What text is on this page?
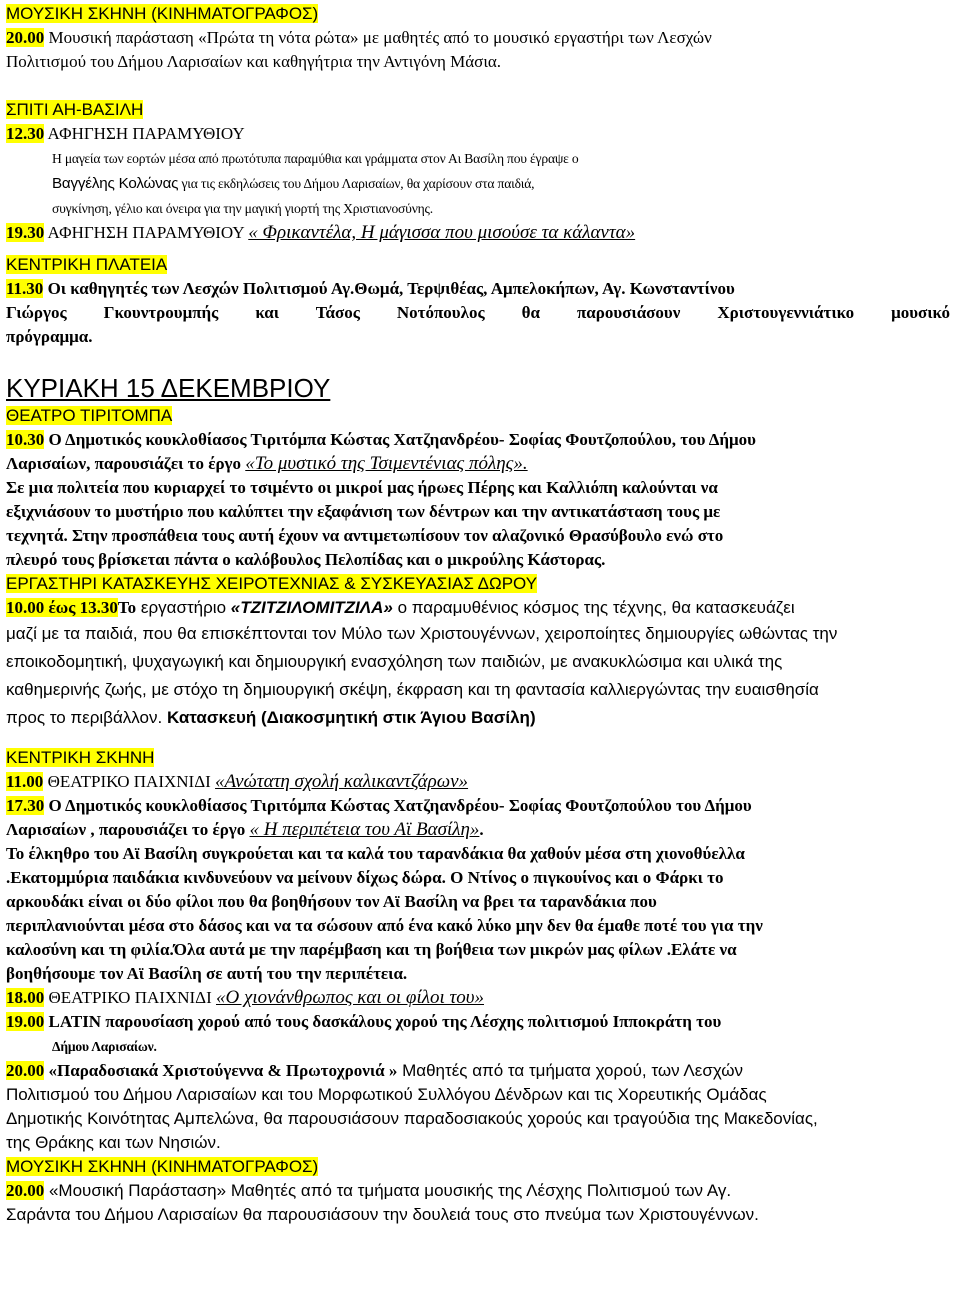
ΜΟΥΣΙΚΗ ΣΚΗΝΗ (ΚΙΝΗΜΑΤΟΓΡΑΦΟΣ)
20.00 Μουσική παράσταση «Πρώτα τη νότα ρώτα» με μαθητές από το μουσικό εργαστήρι των Λεσχών
Πολιτισμού του Δήμου Λαρισαίων και καθηγήτρια την Αντιγόνη Μάσια.
ΣΠΙΤΙ ΑΗ-ΒΑΣΙΛΗ
12.30 ΑΦΗΓΗΣΗ ΠΑΡΑΜΥΘΙΟΥ
Η μαγεία των εορτών μέσα από πρωτότυπα παραμύθια και γράμματα στον Αι Βασίλη που έγραψε ο
Βαγγέλης Κολώνας για τις εκδηλώσεις του Δήμου Λαρισαίων, θα χαρίσουν στα παιδιά,
συγκίνηση, γέλιο και όνειρα για την μαγική γιορτή της Χριστιανοσύνης.
19.30 ΑΦΗΓΗΣΗ ΠΑΡΑΜΥΘΙΟΥ « Φρικαντέλα, Η μάγισσα που μισούσε τα κάλαντα»
ΚΕΝΤΡΙΚΗ ΠΛΑΤΕΙΑ
11.30 Οι καθηγητές των Λεσχών Πολιτισμού Αγ.Θωμά, Τερψιθέας, Αμπελοκήπων, Αγ. Κωνσταντίνου
Γιώργος Γκουντρουμπής και Τάσος Νοτόπουλος θα παρουσιάσουν Χριστουγεννιάτικο μουσικό
πρόγραμμα.
ΚΥΡΙΑΚΗ 15 ΔΕΚΕΜΒΡΙΟΥ
ΘΕΑΤΡΟ ΤΙΡΙΤΟΜΠΑ
10.30 Ο Δημοτικός κουκλοθίασος Τιριτόμπα Κώστας Χατζηανδρέου- Σοφίας Φουτζοπούλου, του Δήμου
Λαρισαίων, παρουσιάζει το έργο «Το μυστικό της Τσιμεντένιας πόλης».
Σε μια πολιτεία που κυριαρχεί το τσιμέντο οι μικροί μας ήρωες Πέρης και Καλλιόπη καλούνται να
εξιχνιάσουν το μυστήριο που καλύπτει την εξαφάνιση των δέντρων και την αντικατάσταση τους με
τεχνητά. Στην προσπάθεια τους αυτή έχουν να αντιμετωπίσουν τον αλαζονικό Θρασύβουλο ενώ στο
πλευρό τους βρίσκεται πάντα ο καλόβουλος Πελοπίδας και ο μικρούλης Κάστορας.
ΕΡΓΑΣΤΗΡΙ ΚΑΤΑΣΚΕΥΗΣ ΧΕΙΡΟΤΕΧΝΙΑΣ & ΣΥΣΚΕΥΑΣΙΑΣ ΔΩΡΟΥ
10.00 έως 13.30Το εργαστήριο «ΤΖΙΤΖΙΛΟΜΙΤΖΙΛΑ» ο παραμυθένιος κόσμος της τέχνης, θα κατασκευάζει
μαζί με τα παιδιά, που θα επισκέπτονται τον Μύλο των Χριστουγέννων, χειροποίητες δημιουργίες ωθώντας την
εποικοδομητική, ψυχαγωγική και δημιουργική ενασχόληση των παιδιών, με ανακυκλώσιμα και υλικά της
καθημερινής ζωής, με στόχο τη δημιουργική σκέψη, έκφραση και τη φαντασία καλλιεργώντας την ευαισθησία
προς το περιβάλλον. Κατασκευή (Διακοσμητική στικ Άγιου Βασίλη)
ΚΕΝΤΡΙΚΗ ΣΚΗΝΗ
11.00 ΘΕΑΤΡΙΚΟ ΠΑΙΧΝΙΔΙ «Ανώτατη σχολή καλικαντζάρων»
17.30 Ο Δημοτικός κουκλοθίασος Τιριτόμπα Κώστας Χατζηανδρέου- Σοφίας Φουτζοπούλου του Δήμου
Λαρισαίων , παρουσιάζει το έργο « Η περιπέτεια του Αϊ Βασίλη».
Το έλκηθρο του Αϊ Βασίλη συγκρούεται και τα καλά του ταρανδάκια θα χαθούν μέσα στη χιονοθύελλα
.Εκατομμύρια παιδάκια κινδυνεύουν να μείνουν δίχως δώρα. Ο Ντίνος ο πιγκουίνος και ο Φάρκι το
αρκουδάκι είναι οι δύο φίλοι που θα βοηθήσουν τον Αϊ Βασίλη να βρει τα ταρανδάκια που
περιπλανιούνται μέσα στο δάσος και να τα σώσουν από ένα κακό λύκο μην δεν θα έμαθε ποτέ του για την
καλοσύνη και τη φιλία.Όλα αυτά με την παρέμβαση και τη βοήθεια των μικρών μας φίλων .Ελάτε να
βοηθήσουμε τον Αϊ Βασίλη σε αυτή του την περιπέτεια.
18.00 ΘΕΑΤΡΙΚΟ ΠΑΙΧΝΙΔΙ «Ο χιονάνθρωπος και οι φίλοι του»
19.00 LATIN παρουσίαση χορού από τους δασκάλους χορού της Λέσχης πολιτισμού Ιπποκράτη του
Δήμου Λαρισαίων.
20.00 «Παραδοσιακά Χριστούγεννα & Πρωτοχρονιά » Μαθητές από τα τμήματα χορού, των Λεσχών
Πολιτισμού του Δήμου Λαρισαίων και του Μορφωτικού Συλλόγου Δένδρων και τις Χορευτικής Ομάδας
Δημοτικής Κοινότητας Αμπελώνα, θα παρουσιάσουν παραδοσιακούς χορούς και τραγούδια της Μακεδονίας,
της Θράκης και των Νησιών.
ΜΟΥΣΙΚΗ ΣΚΗΝΗ (ΚΙΝΗΜΑΤΟΓΡΑΦΟΣ)
20.00 «Μουσική Παράσταση» Μαθητές από τα τμήματα μουσικής της Λέσχης Πολιτισμού των Αγ.
Σαράντα του Δήμου Λαρισαίων θα παρουσιάσουν την δουλειά τους στο πνεύμα των Χριστουγέννων.
